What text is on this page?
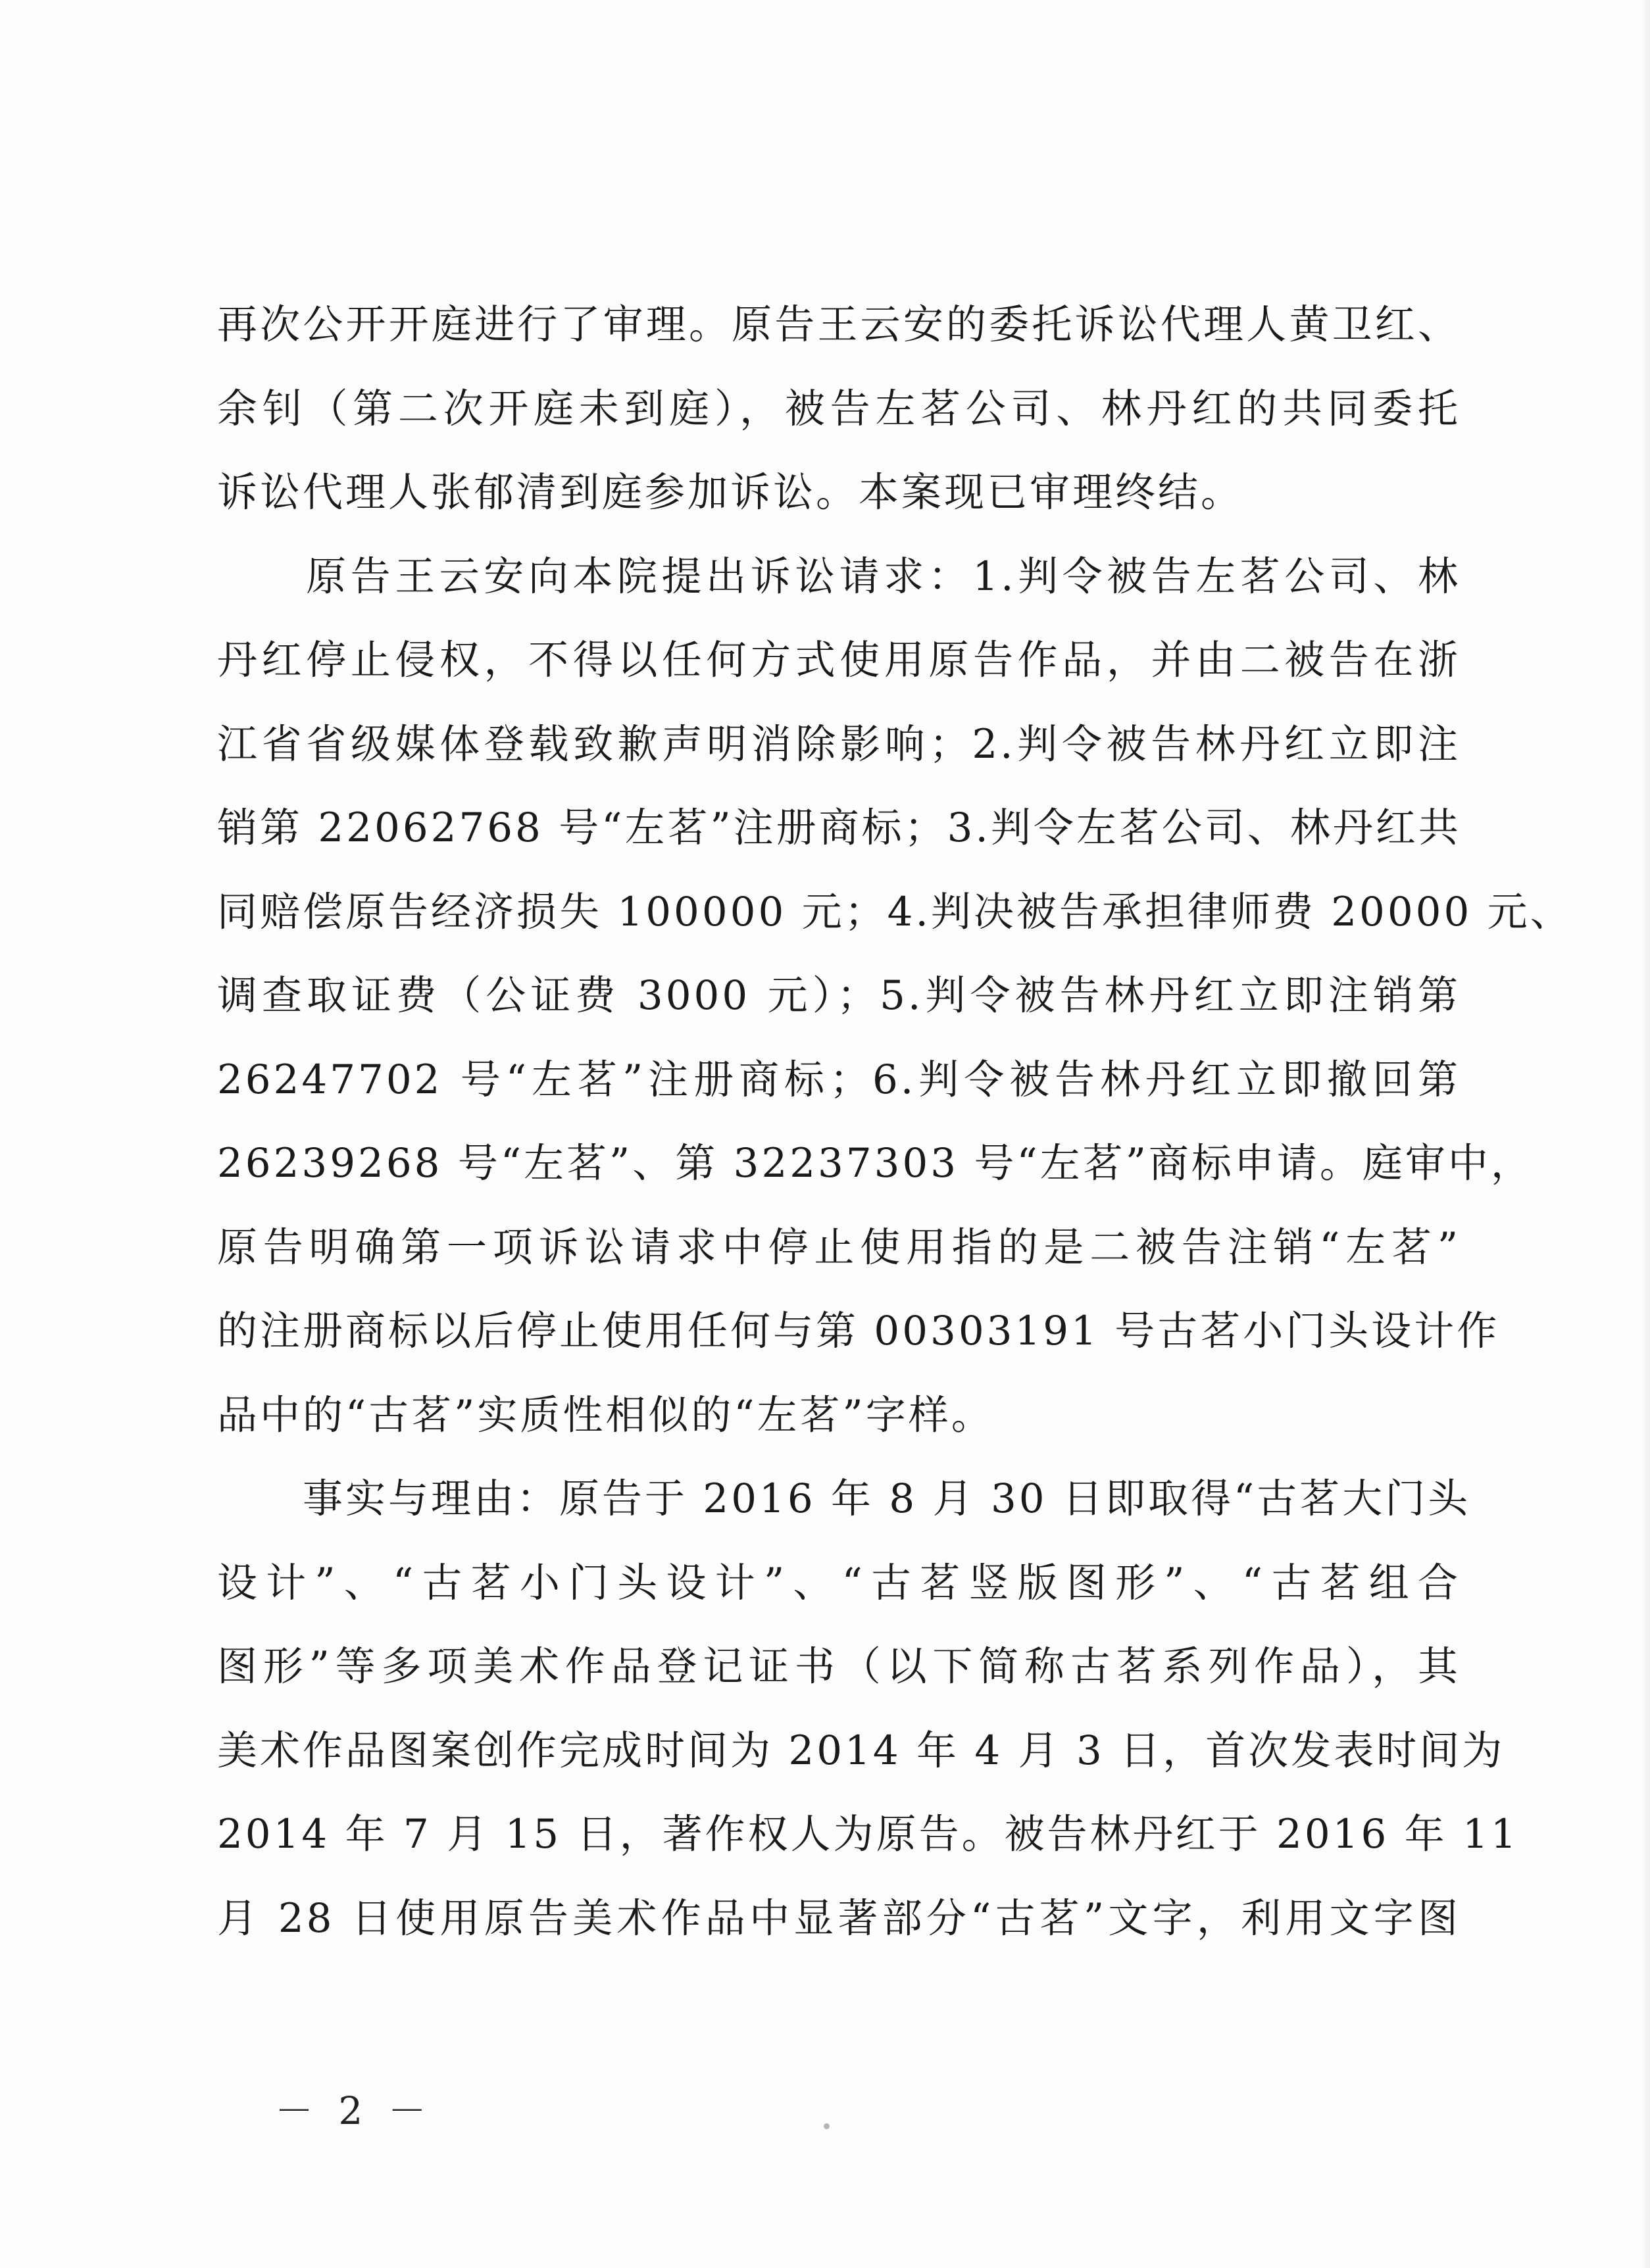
再次公开开庭进行了审理。原告王云安的委托诉讼代理人黄卫红、
余钊（第二次开庭未到庭），被告左茗公司、林丹红的共同委托
诉讼代理人张郁清到庭参加诉讼。本案现已审理终结。
　　原告王云安向本院提出诉讼请求：1.判令被告左茗公司、林
丹红停止侵权，不得以任何方式使用原告作品，并由二被告在浙
江省省级媒体登载致歉声明消除影响；2.判令被告林丹红立即注
销第 22062768 号“左茗”注册商标；3.判令左茗公司、林丹红共
同赔偿原告经济损失 100000 元；4.判决被告承担律师费 20000 元、
调查取证费（公证费 3000 元）；5.判令被告林丹红立即注销第
26247702 号“左茗”注册商标；6.判令被告林丹红立即撤回第
26239268 号“左茗”、第 32237303 号“左茗”商标申请。庭审中，
原告明确第一项诉讼请求中停止使用指的是二被告注销“左茗”
的注册商标以后停止使用任何与第 00303191 号古茗小门头设计作
品中的“古茗”实质性相似的“左茗”字样。
　　事实与理由：原告于 2016 年 8 月 30 日即取得“古茗大门头
设计”、“古茗小门头设计”、“古茗竖版图形”、“古茗组合
图形”等多项美术作品登记证书（以下简称古茗系列作品），其
美术作品图案创作完成时间为 2014 年 4 月 3 日，首次发表时间为
2014 年 7 月 15 日，著作权人为原告。被告林丹红于 2016 年 11
月 28 日使用原告美术作品中显著部分“古茗”文字，利用文字图
－ 2 －
